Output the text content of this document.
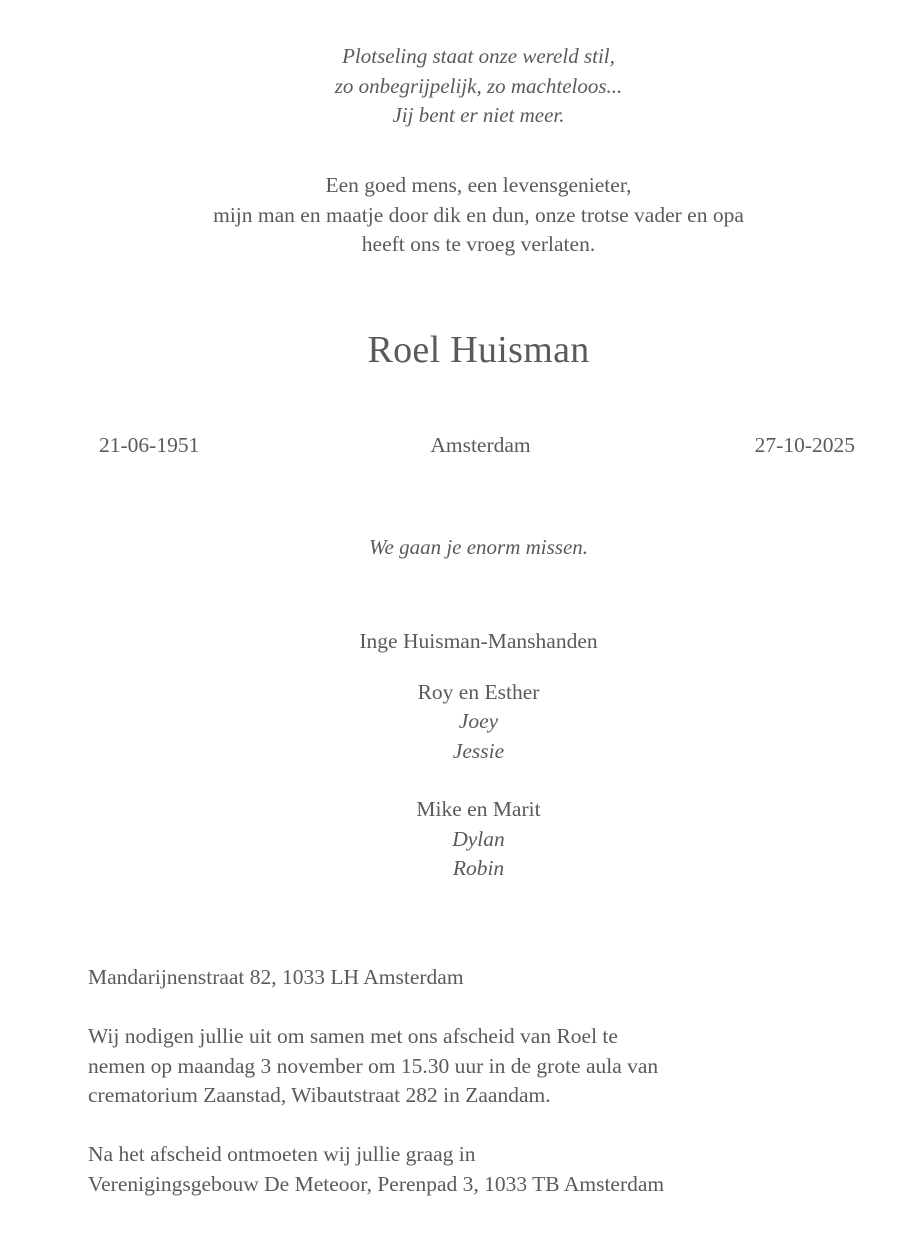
Plotseling staat onze wereld stil,
zo onbegrijpelijk, zo machteloos...
Jij bent er niet meer.
Een goed mens, een levensgenieter,
mijn man en maatje door dik en dun, onze trotse vader en opa
heeft ons te vroeg verlaten.
Roel Huisman
21-06-1951	Amsterdam	27-10-2025
We gaan je enorm missen.
Inge Huisman-Manshanden
Roy en Esther
Joey
Jessie
Mike en Marit
Dylan
Robin
Mandarijnenstraat 82, 1033 LH Amsterdam
Wij nodigen jullie uit om samen met ons afscheid van Roel te
nemen op maandag 3 november om 15.30 uur in de grote aula van
crematorium Zaanstad, Wibautstraat 282 in Zaandam.
Na het afscheid ontmoeten wij jullie graag in
Verenigingsgebouw De Meteoor, Perenpad 3, 1033 TB Amsterdam
